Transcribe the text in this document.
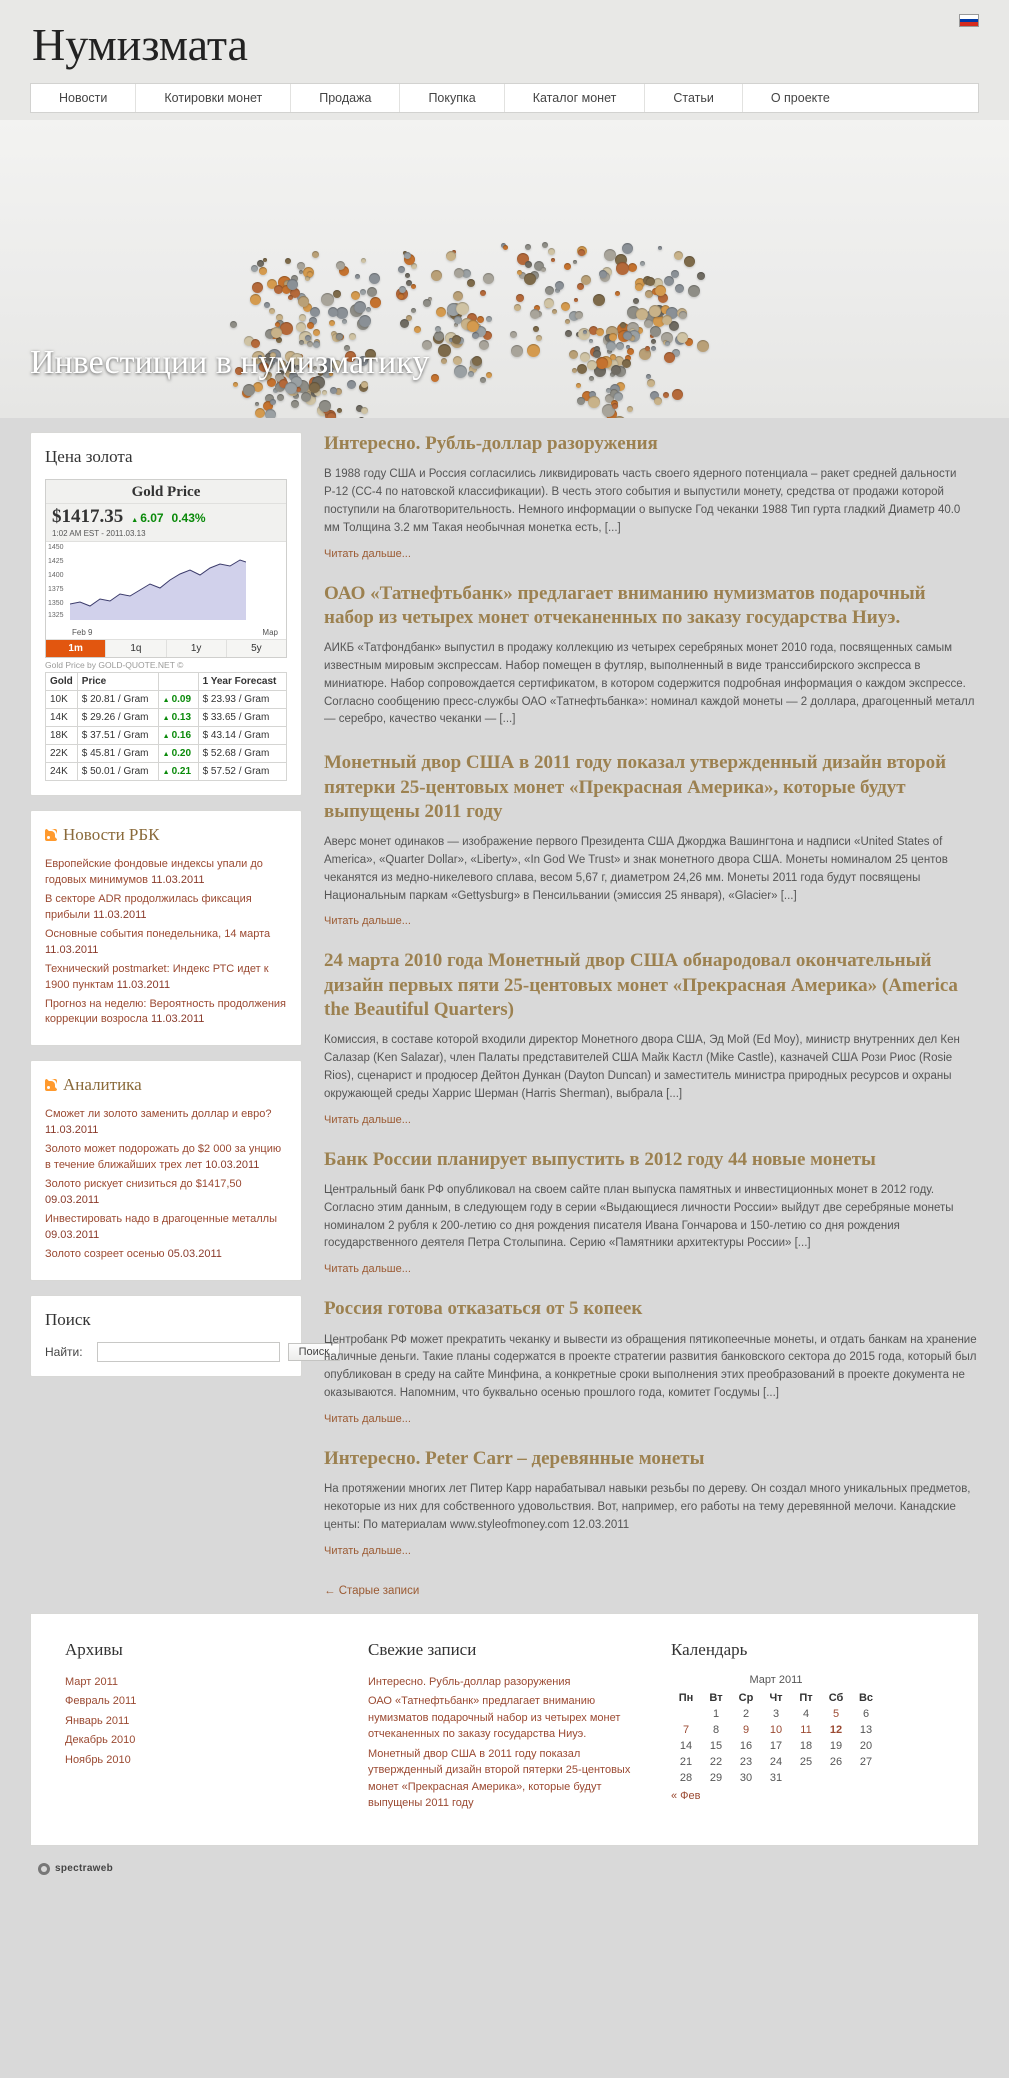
Нумизмата
Новости	Котировки монет	Продажа	Покупка	Каталог монет	Статьи	О проекте
Инвестиции в нумизматику
Цена золота
Gold Price
$1417.35	▲ 6.07 0.43%
1:02 AM EST - 2011.03.13
1450
1425
1400
1375
1350
1325
Feb 9	Мар
1m	1q	1y	5y
Gold Price by GOLD-QUOTE.NET ©
Gold	Price		1 Year Forecast
10K	$ 20.81 / Gram	▲ 0.09	$ 23.93 / Gram
14K	$ 29.26 / Gram	▲ 0.13	$ 33.65 / Gram
18K	$ 37.51 / Gram	▲ 0.16	$ 43.14 / Gram
22K	$ 45.81 / Gram	▲ 0.20	$ 52.68 / Gram
24K	$ 50.01 / Gram	▲ 0.21	$ 57.52 / Gram
Новости РБК
Европейские фондовые индексы упали до годовых минимумов 11.03.2011
В секторе ADR продолжилась фиксация прибыли 11.03.2011
Основные события понедельника, 14 марта 11.03.2011
Технический postmarket: Индекс РТС идет к 1900 пунктам 11.03.2011
Прогноз на неделю: Вероятность продолжения коррекции возросла 11.03.2011
Аналитика
Сможет ли золото заменить доллар и евро? 11.03.2011
Золото может подорожать до $2 000 за унцию в течение ближайших трех лет 10.03.2011
Золото рискует снизиться до $1417,50 09.03.2011
Инвестировать надо в драгоценные металлы 09.03.2011
Золото созреет осенью 05.03.2011
Поиск
Найти:	Поиск
Интересно. Рубль-доллар разоружения

В 1988 году США и Россия согласились ликвидировать часть своего ядерного потенциала – ракет средней дальности Р-12 (СС-4 по натовской классификации). В честь этого события и выпустили монету, средства от продажи которой поступили на благотворительность. Немного информации о выпуске Год чеканки 1988 Тип гурта гладкий Диаметр 40.0 мм Толщина 3.2 мм Такая необычная монетка есть, [...]

Читать дальше...
ОАО «Татнефтьбанк» предлагает вниманию нумизматов подарочный набор из четырех монет отчеканенных по заказу государства Ниуэ.

АИКБ «Татфондбанк» выпустил в продажу коллекцию из четырех серебряных монет 2010 года, посвященных самым известным мировым экспрессам. Набор помещен в футляр, выполненный в виде транссибирского экспресса в миниатюре. Набор сопровождается сертификатом, в котором содержится подробная информация о каждом экспрессе. Согласно сообщению пресс-службы ОАО «Татнефтьбанка»: номинал каждой монеты — 2 доллара, драгоценный металл — серебро, качество чеканки — [...]

Монетный двор США в 2011 году показал утвержденный дизайн второй пятерки 25-центовых монет «Прекрасная Америка», которые будут выпущены 2011 году

Аверс монет одинаков — изображение первого Президента США Джорджа Вашингтона и надписи «United States of America», «Quarter Dollar», «Liberty», «In God We Trust» и знак монетного двора США. Монеты номиналом 25 центов чеканятся из медно-никелевого сплава, весом 5,67 г, диаметром 24,26 мм. Монеты 2011 года будут посвящены Национальным паркам «Gettysburg» в Пенсильвании (эмиссия 25 января), «Glacier» [...]

Читать дальше...
24 марта 2010 года Монетный двор США обнародовал окончательный дизайн первых пяти 25-центовых монет «Прекрасная Америка» (America the Beautiful Quarters)

Комиссия, в составе которой входили директор Монетного двора США, Эд Мой (Ed Moy), министр внутренних дел Кен Салазар (Ken Salazar), член Палаты представителей США Майк Кастл (Mike Castle), казначей США Рози Риос (Rosie Rios), сценарист и продюсер Дейтон Дункан (Dayton Duncan) и заместитель министра природных ресурсов и охраны окружающей среды Харрис Шерман (Harris Sherman), выбрала [...]

Читать дальше...
Банк России планирует выпустить в 2012 году 44 новые монеты

Центральный банк РФ опубликовал на своем сайте план выпуска памятных и инвестиционных монет в 2012 году. Согласно этим данным, в следующем году в серии «Выдающиеся личности России» выйдут две серебряные монеты номиналом 2 рубля к 200-летию со дня рождения писателя Ивана Гончарова и 150-летию со дня рождения государственного деятеля Петра Столыпина. Серию «Памятники архитектуры России» [...]

Читать дальше...
Россия готова отказаться от 5 копеек

Центробанк РФ может прекратить чеканку и вывести из обращения пятикопеечные монеты, и отдать банкам на хранение наличные деньги. Такие планы содержатся в проекте стратегии развития банковского сектора до 2015 года, который был опубликован в среду на сайте Минфина, а конкретные сроки выполнения этих преобразований в проекте документа не оказываются. Напомним, что буквально осенью прошлого года, комитет Госдумы [...]

Читать дальше...
Интересно. Peter Carr – деревянные монеты

На протяжении многих лет Питер Карр нарабатывал навыки резьбы по дереву. Он создал много уникальных предметов, некоторые из них для собственного удовольствия. Вот, например, его работы на тему деревянной мелочи. Канадские центы: По материалам www.styleofmoney.com 12.03.2011

Читать дальше...
← Старые записи
Архивы
Март 2011
Февраль 2011
Январь 2011
Декабрь 2010
Ноябрь 2010
Свежие записи
Интересно. Рубль-доллар разоружения
ОАО «Татнефтьбанк» предлагает вниманию нумизматов подарочный набор из четырех монет отчеканенных по заказу государства Ниуэ.
Монетный двор США в 2011 году показал утвержденный дизайн второй пятерки 25-центовых монет «Прекрасная Америка», которые будут выпущены 2011 году
Календарь
Март 2011
Пн	Вт	Ср	Чт	Пт	Сб	Вс
	1	2	3	4	5	6
7	8	9	10	11	12	13
14	15	16	17	18	19	20
21	22	23	24	25	26	27
28	29	30	31			
« Фев
spectraweb
